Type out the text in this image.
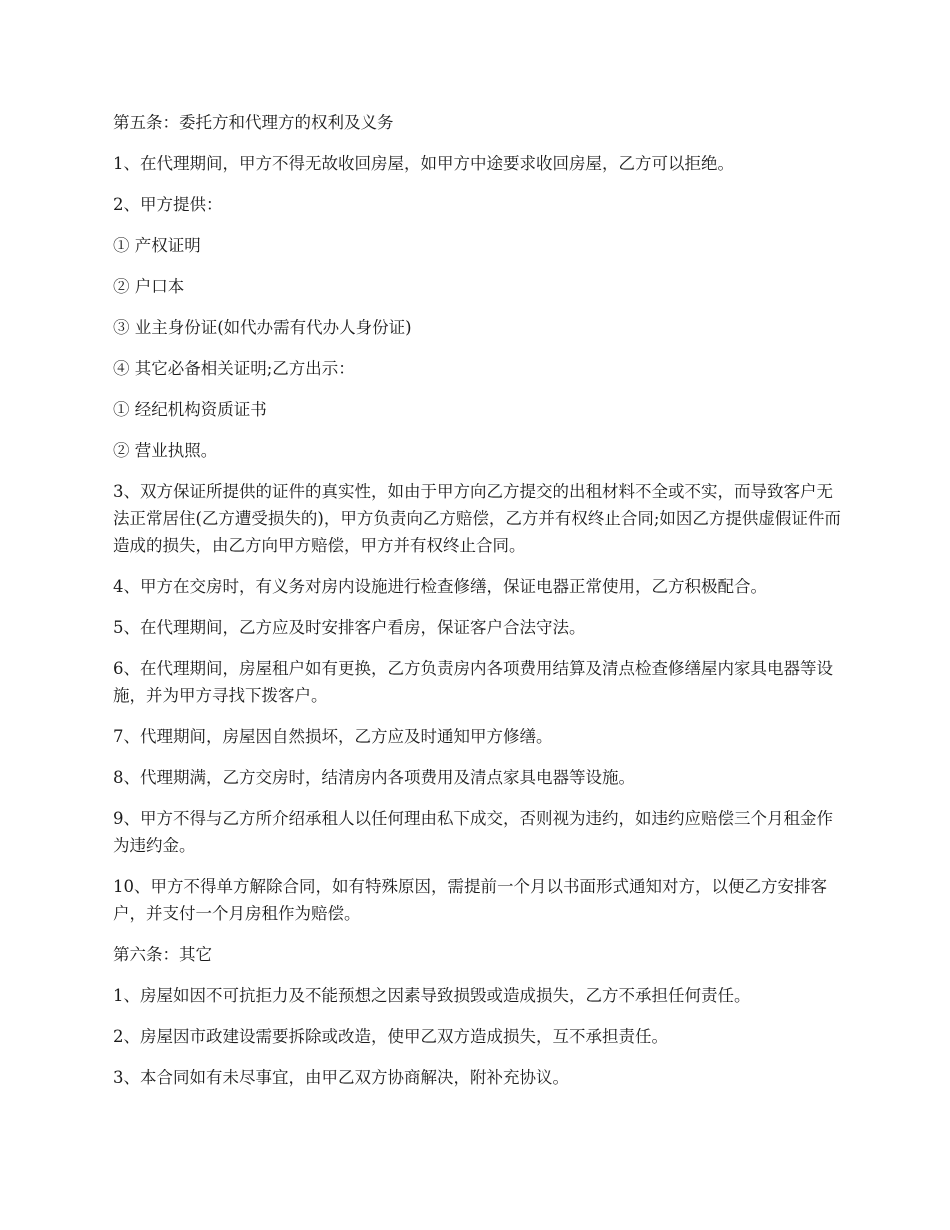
第五条：委托方和代理方的权利及义务

1、在代理期间，甲方不得无故收回房屋，如甲方中途要求收回房屋，乙方可以拒绝。

2、甲方提供：

① 产权证明

② 户口本

③ 业主身份证(如代办需有代办人身份证)

④ 其它必备相关证明;乙方出示：

① 经纪机构资质证书

② 营业执照。

3、双方保证所提供的证件的真实性，如由于甲方向乙方提交的出租材料不全或不实，而导致客户无法正常居住(乙方遭受损失的)，甲方负责向乙方赔偿，乙方并有权终止合同;如因乙方提供虚假证件而造成的损失，由乙方向甲方赔偿，甲方并有权终止合同。

4、甲方在交房时，有义务对房内设施进行检查修缮，保证电器正常使用，乙方积极配合。

5、在代理期间，乙方应及时安排客户看房，保证客户合法守法。

6、在代理期间，房屋租户如有更换，乙方负责房内各项费用结算及清点检查修缮屋内家具电器等设施，并为甲方寻找下拨客户。

7、代理期间，房屋因自然损坏，乙方应及时通知甲方修缮。

8、代理期满，乙方交房时，结清房内各项费用及清点家具电器等设施。

9、甲方不得与乙方所介绍承租人以任何理由私下成交，否则视为违约，如违约应赔偿三个月租金作为违约金。

10、甲方不得单方解除合同，如有特殊原因，需提前一个月以书面形式通知对方，以便乙方安排客户，并支付一个月房租作为赔偿。

第六条：其它

1、房屋如因不可抗拒力及不能预想之因素导致损毁或造成损失，乙方不承担任何责任。

2、房屋因市政建设需要拆除或改造，使甲乙双方造成损失，互不承担责任。

3、本合同如有未尽事宜，由甲乙双方协商解决，附补充协议。
